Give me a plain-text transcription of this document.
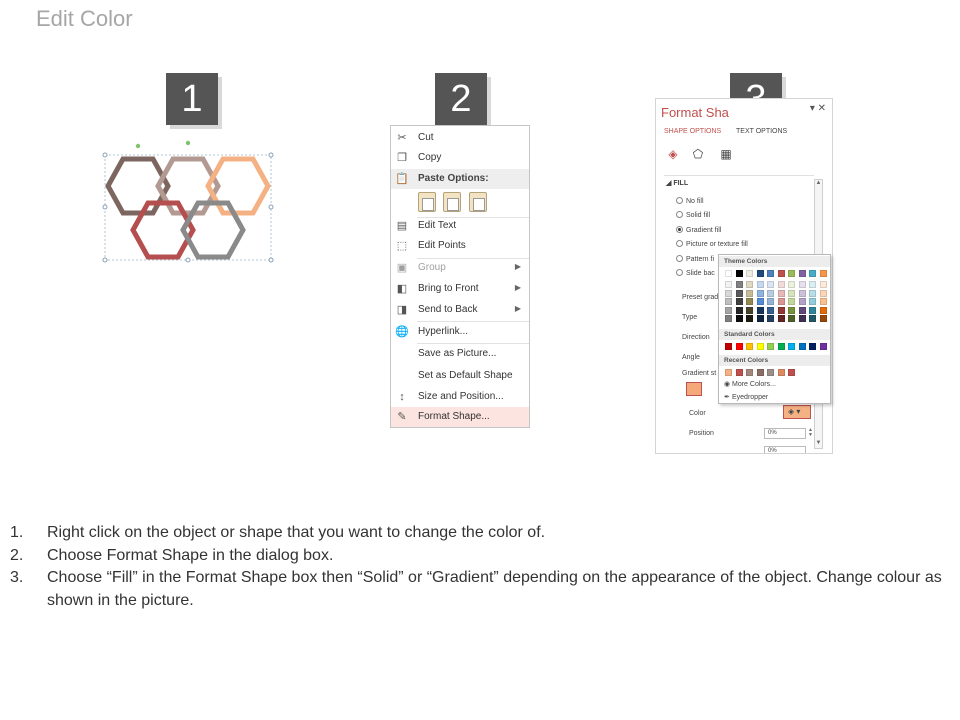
Edit Color
1	2
✂ Cut
❐ Copy
📋 Paste Options:
▤ Edit Text
⬚ Edit Points
▣ Group	▶
◧ Bring to Front	▶
◨ Send to Back	▶
🌐 Hyperlink...
Save as Picture...
Set as Default Shape
↕	Size and Position...
✎ Format Shape...
Format Sha	▾ ✕
SHAPE OPTIONS TEXT OPTIONS
◈ ⬠ ▦
◢ FILL
No fill
Solid fill
Gradient fill
Picture or texture fill
Pattern fi
Slide bac
Preset grad
Type
Direction
Angle
Gradient st
Color	◈ ▾
Position	0%	▲
▼
0%
▲
▼
Theme Colors
Standard Colors
Recent Colors
◉ More Colors...
✒ Eyedropper
1. Right click on the object or shape that you want to change the color of.
2. Choose Format Shape in the dialog box.
3. Choose “Fill” in the Format Shape box then “Solid” or “Gradient” depending on the appearance of the object. Change colour as shown in the picture.
